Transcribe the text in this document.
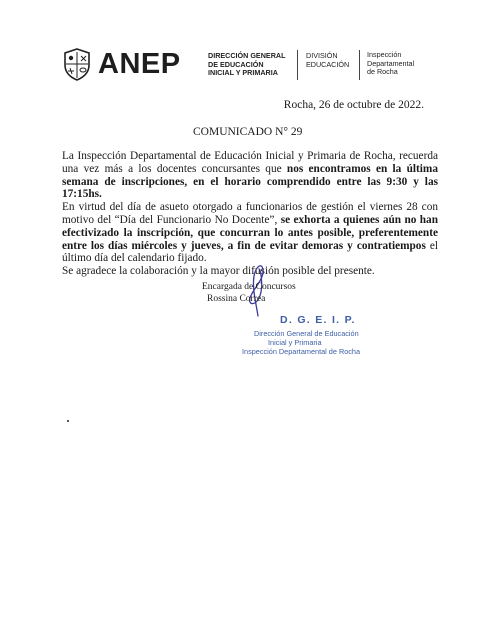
ANEP	DIRECCIÓN GENERAL
DE EDUCACIÓN
INICIAL Y PRIMARIA
DIVISIÓN
EDUCACIÓN
Inspección
Departamental
de Rocha
Rocha, 26 de octubre de 2022.
COMUNICADO N° 29

La Inspección Departamental de Educación Inicial y Primaria de Rocha, recuerda una vez más a los docentes concursantes que nos encontramos en la última semana de inscripciones, en el horario comprendido entre las 9:30 y las 17:15hs.

En virtud del día de asueto otorgado a funcionarios de gestión el viernes 28 con motivo del “Día del Funcionario No Docente”, se exhorta a quienes aún no han efectivizado la inscripción, que concurran lo antes posible, preferentemente entre los días miércoles y jueves, a fin de evitar demoras y contratiempos el último día del calendario fijado.

Se agradece la colaboración y la mayor difusión posible del presente.

Encargada de Concursos
Rossina Correa
D. G. E. I. P.
Dirección General de Educación
Inicial y Primaria
Inspección Departamental de Rocha
